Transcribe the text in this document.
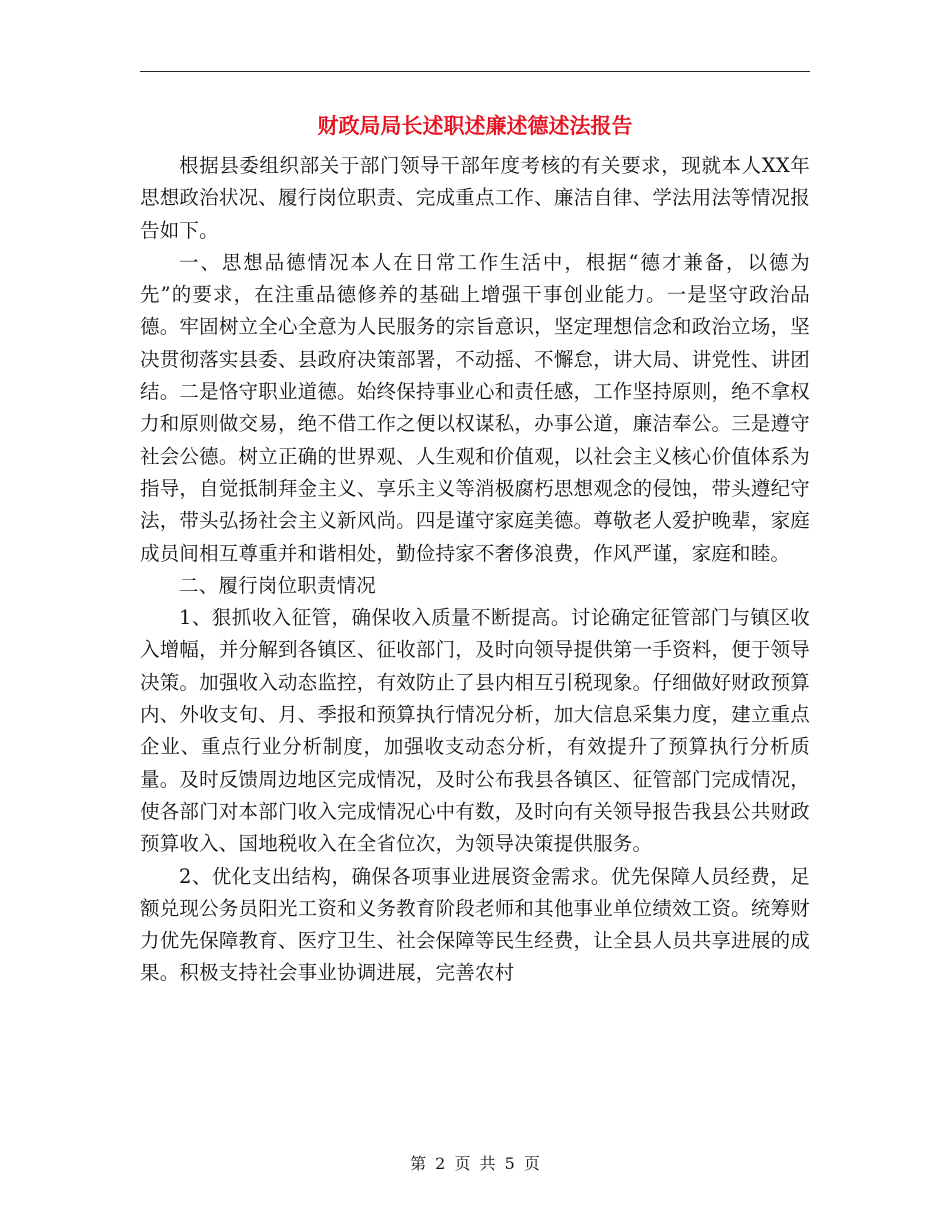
财政局局长述职述廉述德述法报告

根据县委组织部关于部门领导干部年度考核的有关要求，现就本人XX年思想政治状况、履行岗位职责、完成重点工作、廉洁自律、学法用法等情况报告如下。

一、思想品德情况本人在日常工作生活中，根据“德才兼备，以德为先”的要求，在注重品德修养的基础上增强干事创业能力。一是坚守政治品德。牢固树立全心全意为人民服务的宗旨意识，坚定理想信念和政治立场，坚决贯彻落实县委、县政府决策部署，不动摇、不懈怠，讲大局、讲党性、讲团结。二是恪守职业道德。始终保持事业心和责任感，工作坚持原则，绝不拿权力和原则做交易，绝不借工作之便以权谋私，办事公道，廉洁奉公。三是遵守社会公德。树立正确的世界观、人生观和价值观，以社会主义核心价值体系为指导，自觉抵制拜金主义、享乐主义等消极腐朽思想观念的侵蚀，带头遵纪守法，带头弘扬社会主义新风尚。四是谨守家庭美德。尊敬老人爱护晚辈，家庭成员间相互尊重并和谐相处，勤俭持家不奢侈浪费，作风严谨，家庭和睦。

二、履行岗位职责情况

1、狠抓收入征管，确保收入质量不断提高。讨论确定征管部门与镇区收入增幅，并分解到各镇区、征收部门，及时向领导提供第一手资料，便于领导决策。加强收入动态监控，有效防止了县内相互引税现象。仔细做好财政预算内、外收支旬、月、季报和预算执行情况分析，加大信息采集力度，建立重点企业、重点行业分析制度，加强收支动态分析，有效提升了预算执行分析质量。及时反馈周边地区完成情况，及时公布我县各镇区、征管部门完成情况，使各部门对本部门收入完成情况心中有数，及时向有关领导报告我县公共财政预算收入、国地税收入在全省位次，为领导决策提供服务。

2、优化支出结构，确保各项事业进展资金需求。优先保障人员经费，足额兑现公务员阳光工资和义务教育阶段老师和其他事业单位绩效工资。统筹财力优先保障教育、医疗卫生、社会保障等民生经费，让全县人员共享进展的成果。积极支持社会事业协调进展，完善农村

第 2 页 共 5 页
